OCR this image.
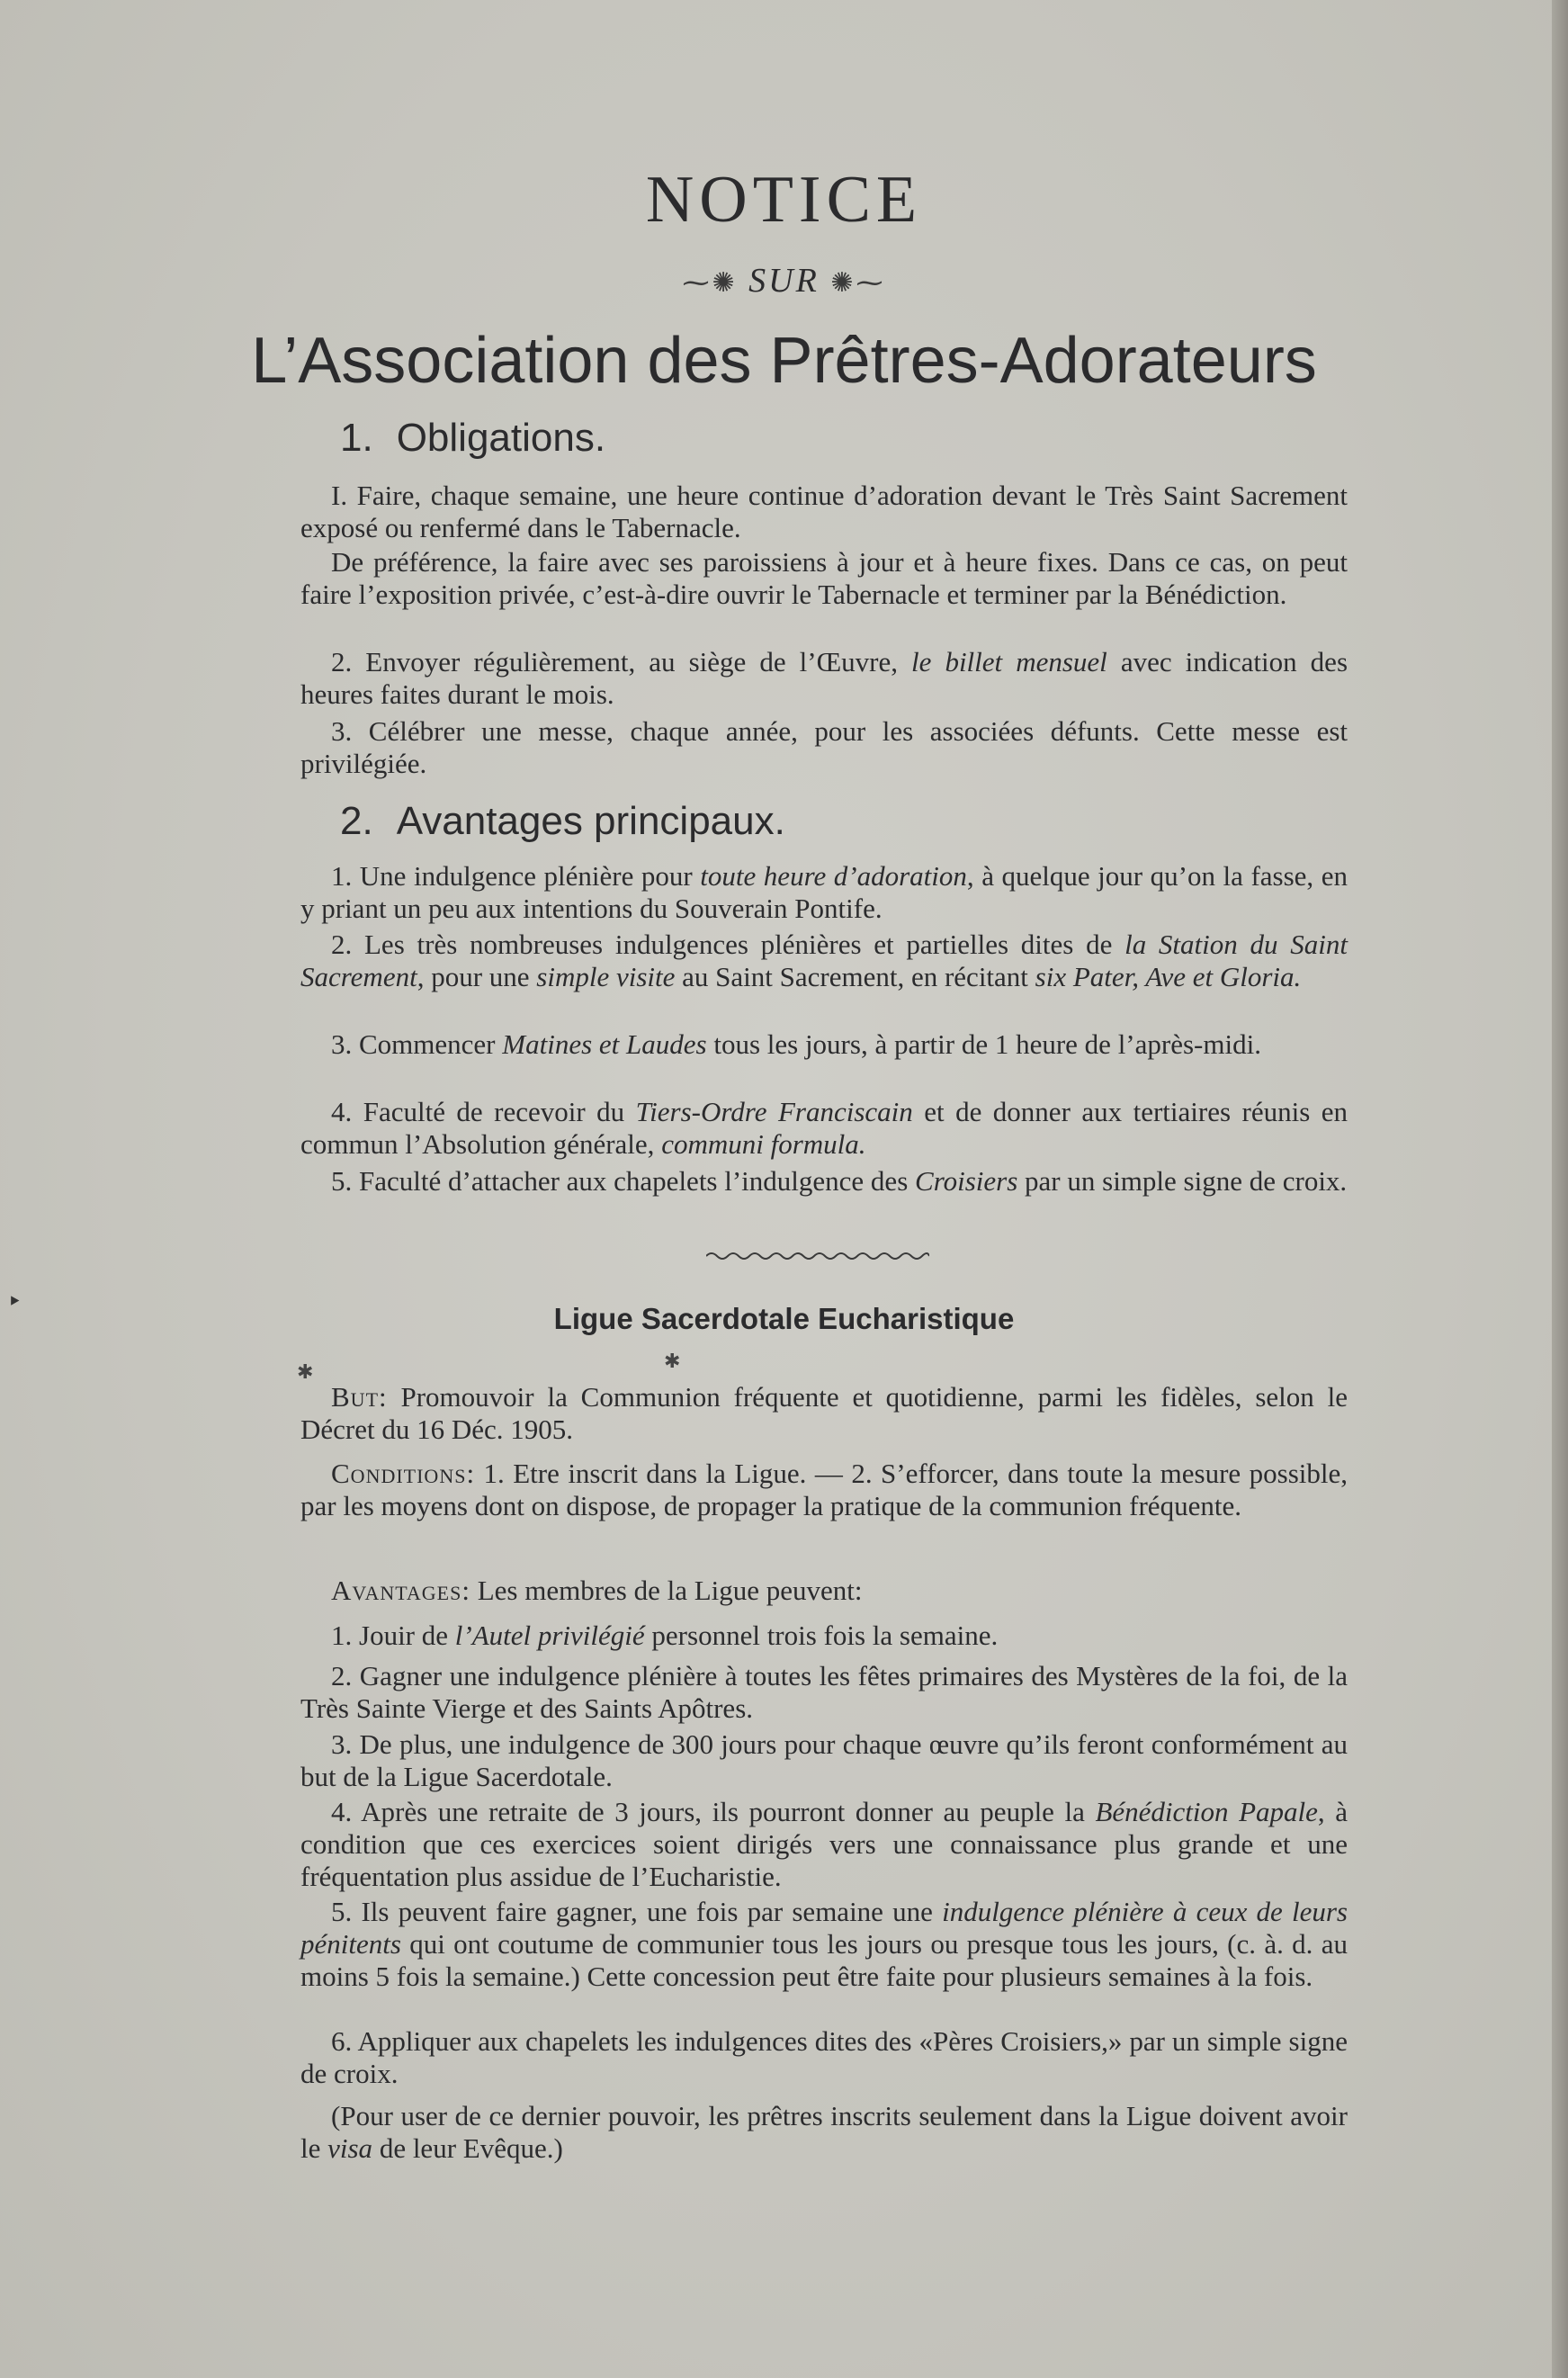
‣
NOTICE
⁓✺ SUR ✺⁓
L’Association des Prêtres-Adorateurs
1. Obligations.
I. Faire, chaque semaine, une heure continue d’adoration devant le Très Saint Sacrement exposé ou renfermé dans le Tabernacle.
De préférence, la faire avec ses paroissiens à jour et à heure fixes. Dans ce cas, on peut faire l’exposition privée, c’est-à-dire ouvrir le Tabernacle et terminer par la Bénédiction.
2. Envoyer régulièrement, au siège de l’Œuvre, le billet mensuel avec indication des heures faites durant le mois.
3. Célébrer une messe, chaque année, pour les associées défunts. Cette messe est privilégiée.
2. Avantages principaux.
1. Une indulgence plénière pour toute heure d’adoration, à quelque jour qu’on la fasse, en y priant un peu aux intentions du Souverain Pontife.
2. Les très nombreuses indulgences plénières et partielles dites de la Station du Saint Sacrement, pour une simple visite au Saint Sacrement, en récitant six Pater, Ave et Gloria.
3. Commencer Matines et Laudes tous les jours, à partir de 1 heure de l’après-midi.
4. Faculté de recevoir du Tiers-Ordre Franciscain et de donner aux tertiaires réunis en commun l’Absolution générale, communi formula.
5. Faculté d’attacher aux chapelets l’indulgence des Croisiers par un simple signe de croix.
Ligue Sacerdotale Eucharistique
✱	✱
But: Promouvoir la Communion fréquente et quotidienne, parmi les fidèles, selon le Décret du 16 Déc. 1905.
Conditions: 1. Etre inscrit dans la Ligue. — 2. S’efforcer, dans toute la mesure possible, par les moyens dont on dispose, de propager la pratique de la communion fréquente.
Avantages: Les membres de la Ligue peuvent:
1. Jouir de l’Autel privilégié personnel trois fois la semaine.
2. Gagner une indulgence plénière à toutes les fêtes primaires des Mystères de la foi, de la Très Sainte Vierge et des Saints Apôtres.
3. De plus, une indulgence de 300 jours pour chaque œuvre qu’ils feront conformément au but de la Ligue Sacerdotale.
4. Après une retraite de 3 jours, ils pourront donner au peuple la Bénédiction Papale, à condition que ces exercices soient dirigés vers une connaissance plus grande et une fréquentation plus assidue de l’Eucharistie.
5. Ils peuvent faire gagner, une fois par semaine une indulgence plénière à ceux de leurs pénitents qui ont coutume de communier tous les jours ou presque tous les jours, (c. à. d. au moins 5 fois la semaine.) Cette concession peut être faite pour plusieurs semaines à la fois.
6. Appliquer aux chapelets les indulgences dites des «Pères Croisiers,» par un simple signe de croix.
(Pour user de ce dernier pouvoir, les prêtres inscrits seulement dans la Ligue doivent avoir le visa de leur Evêque.)
